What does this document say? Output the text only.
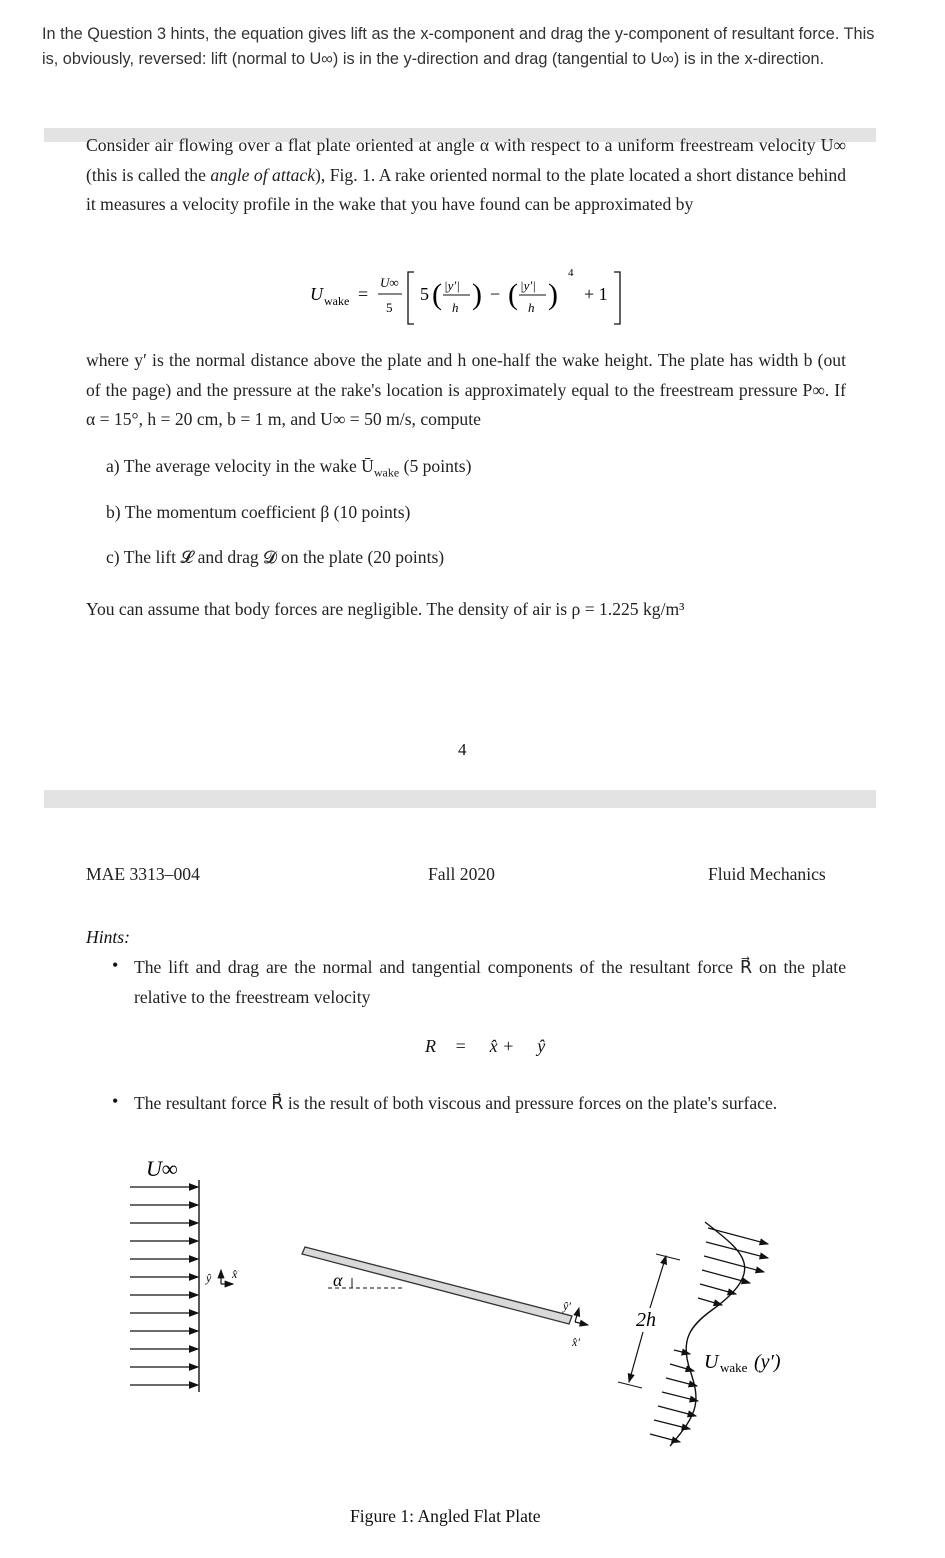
In the Question 3 hints, the equation gives lift as the x-component and drag the y-component of resultant force. This is, obviously, reversed: lift (normal to U∞) is in the y-direction and drag (tangential to U∞) is in the x-direction.
Consider air flowing over a flat plate oriented at angle α with respect to a uniform freestream velocity U∞ (this is called the angle of attack), Fig. 1. A rake oriented normal to the plate located a short distance behind it measures a velocity profile in the wake that you have found can be approximated by
U wake =
U∞
5
5 ( |y′|
h ) − ( |y′|
h )
4
+ 1
where y′ is the normal distance above the plate and h one-half the wake height. The plate has width b (out of the page) and the pressure at the rake's location is approximately equal to the freestream pressure P∞. If α = 15°, h = 20 cm, b = 1 m, and U∞ = 50 m/s, compute
a) The average velocity in the wake $Ū_{wake}$ (5 points)
b) The momentum coefficient β (10 points)
c) The lift 𝓛 and drag 𝓓 on the plate (20 points)
You can assume that body forces are negligible. The density of air is ρ = 1.225 kg/m³
4
MAE 3313–004	Fall 2020	Fluid Mechanics
Hints:
• The lift and drag are the normal and tangential components of the resultant force R⃗ on the plate relative to the freestream velocity
R⃗ = 𝓓 x̂ + 𝓛 ŷ
• The resultant force R⃗ is the result of both viscous and pressure forces on the plate's surface.
U∞
ŷ x̂	α
ŷ′
x̂′
2h
U wake (y′)
Figure 1: Angled Flat Plate
